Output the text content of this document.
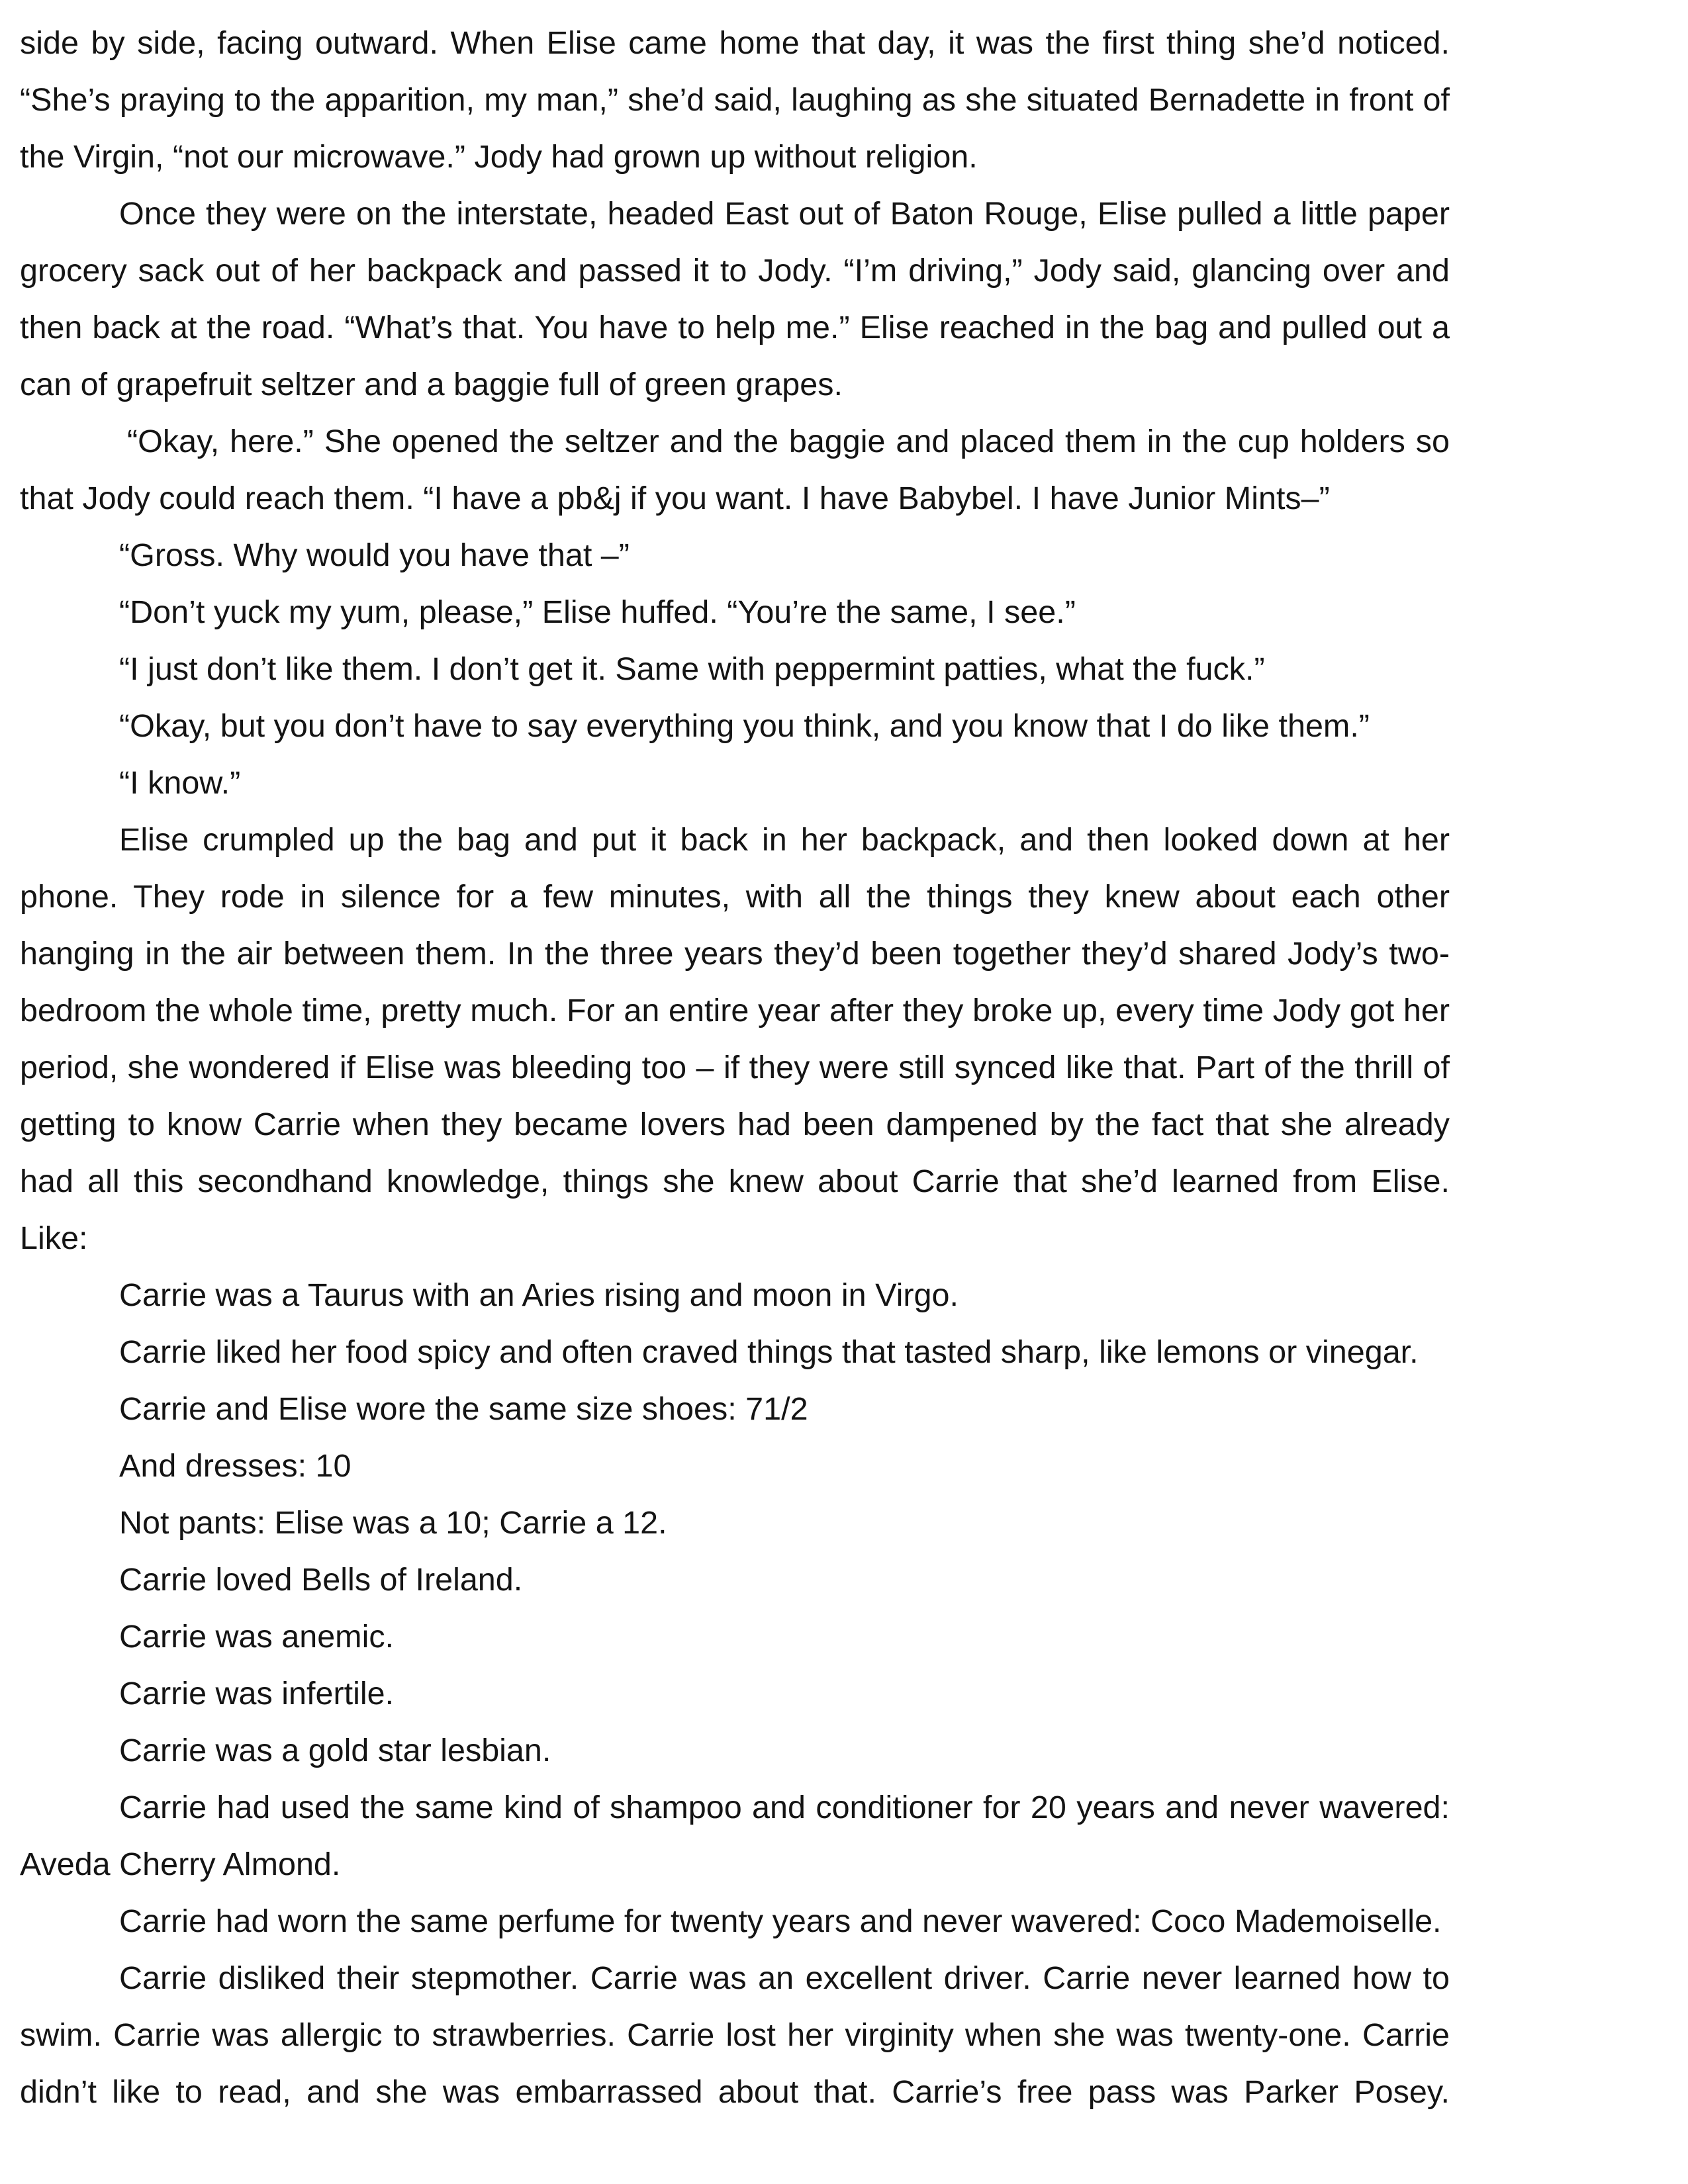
side by side, facing outward. When Elise came home that day, it was the first thing she’d noticed. “She’s praying to the apparition, my man,” she’d said, laughing as she situated Bernadette in front of the Virgin, “not our microwave.” Jody had grown up without religion.

Once they were on the interstate, headed East out of Baton Rouge, Elise pulled a little paper grocery sack out of her backpack and passed it to Jody. “I’m driving,” Jody said, glancing over and then back at the road. “What’s that. You have to help me.” Elise reached in the bag and pulled out a can of grapefruit seltzer and a baggie full of green grapes.

“Okay, here.” She opened the seltzer and the baggie and placed them in the cup holders so that Jody could reach them. “I have a pb&j if you want. I have Babybel. I have Junior Mints–”

“Gross. Why would you have that –”

“Don’t yuck my yum, please,” Elise huffed. “You’re the same, I see.”

“I just don’t like them. I don’t get it. Same with peppermint patties, what the fuck.”

“Okay, but you don’t have to say everything you think, and you know that I do like them.”

“I know.”

Elise crumpled up the bag and put it back in her backpack, and then looked down at her phone. They rode in silence for a few minutes, with all the things they knew about each other hanging in the air between them. In the three years they’d been together they’d shared Jody’s two-bedroom the whole time, pretty much. For an entire year after they broke up, every time Jody got her period, she wondered if Elise was bleeding too – if they were still synced like that. Part of the thrill of getting to know Carrie when they became lovers had been dampened by the fact that she already had all this secondhand knowledge, things she knew about Carrie that she’d learned from Elise. Like:

Carrie was a Taurus with an Aries rising and moon in Virgo.

Carrie liked her food spicy and often craved things that tasted sharp, like lemons or vinegar.

Carrie and Elise wore the same size shoes: 71/2

And dresses: 10

Not pants: Elise was a 10; Carrie a 12.

Carrie loved Bells of Ireland.

Carrie was anemic.

Carrie was infertile.

Carrie was a gold star lesbian.

Carrie had used the same kind of shampoo and conditioner for 20 years and never wavered: Aveda Cherry Almond.

Carrie had worn the same perfume for twenty years and never wavered: Coco Mademoiselle.

Carrie disliked their stepmother. Carrie was an excellent driver. Carrie never learned how to swim. Carrie was allergic to strawberries. Carrie lost her virginity when she was twenty-one. Carrie didn’t like to read, and she was embarrassed about that. Carrie’s free pass was Parker Posey.
